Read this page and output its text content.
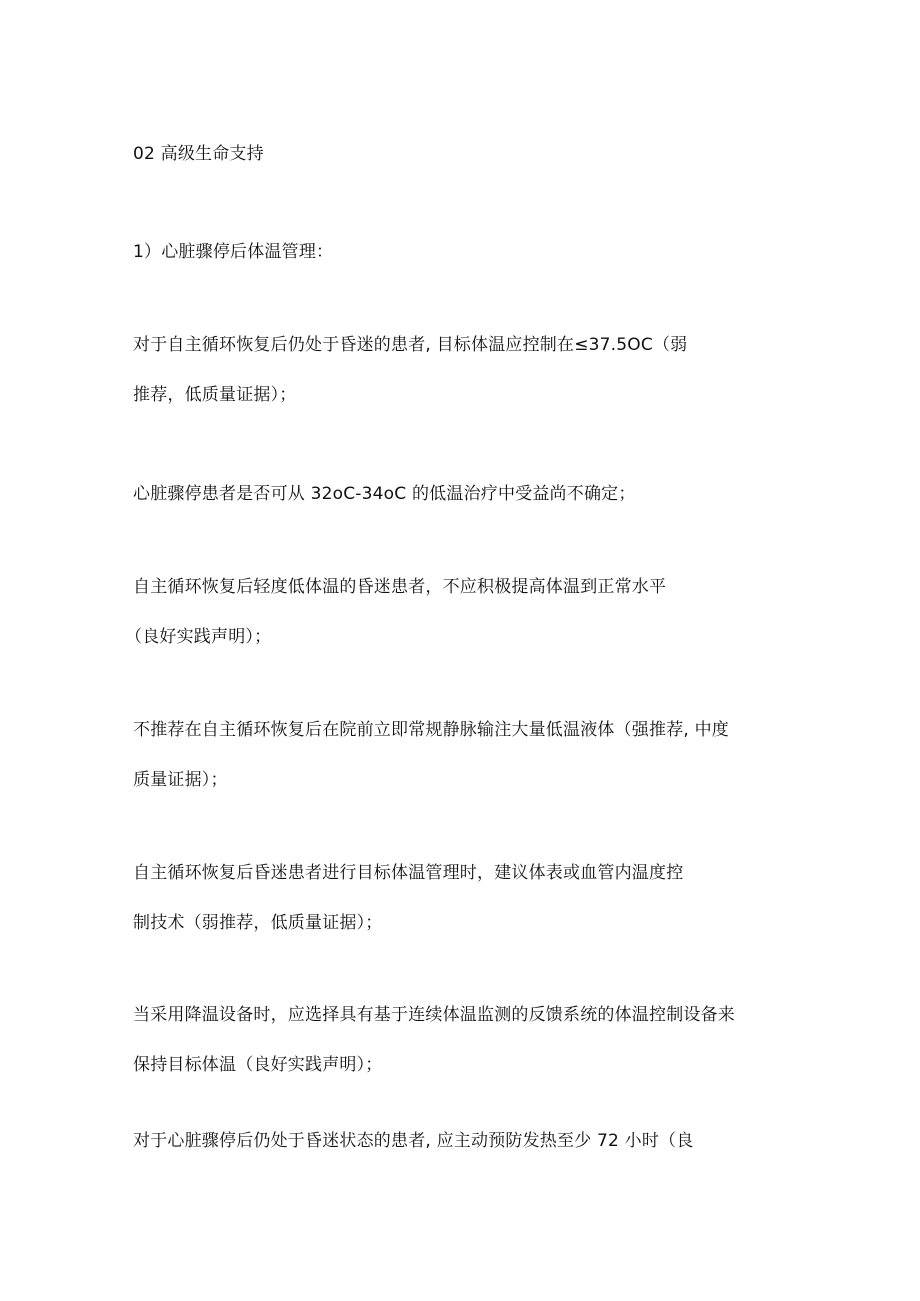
02 高级生命支持
1）心脏骤停后体温管理：
对于自主循环恢复后仍处于昏迷的患者, 目标体温应控制在≤37.5OC（弱
推荐，低质量证据）；
心脏骤停患者是否可从 32oC-34oC 的低温治疗中受益尚不确定；
自主循环恢复后轻度低体温的昏迷患者，不应积极提高体温到正常水平
（良好实践声明）；
不推荐在自主循环恢复后在院前立即常规静脉输注大量低温液体（强推荐, 中度
质量证据）；
自主循环恢复后昏迷患者进行目标体温管理时，建议体表或血管内温度控
制技术（弱推荐，低质量证据）；
当采用降温设备时，应选择具有基于连续体温监测的反馈系统的体温控制设备来
保持目标体温（良好实践声明）；
对于心脏骤停后仍处于昏迷状态的患者, 应主动预防发热至少 72 小时（良
